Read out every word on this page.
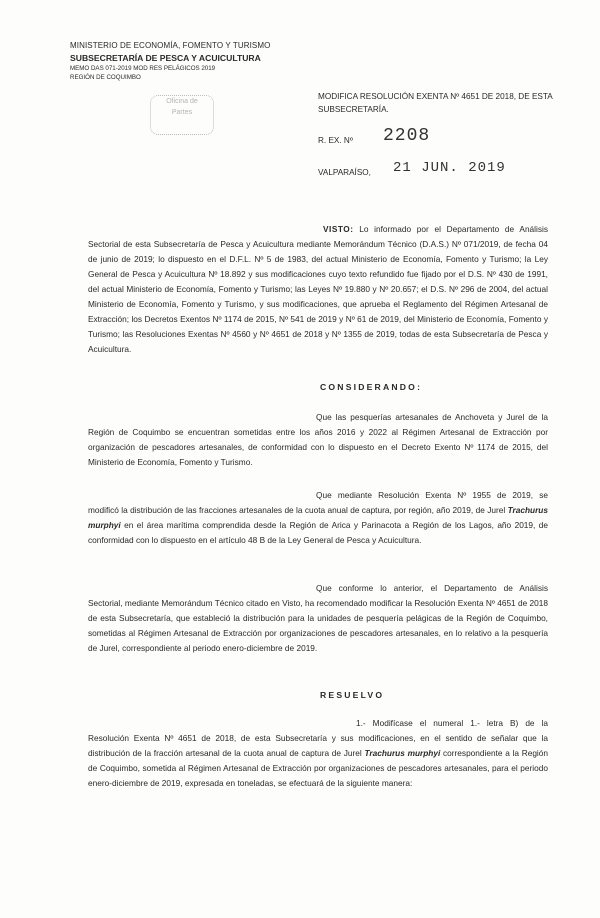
MINISTERIO DE ECONOMÍA, FOMENTO Y TURISMO
SUBSECRETARÍA DE PESCA Y ACUICULTURA
MEMO DAS 071-2019 MOD RES PELÁGICOS 2019
REGIÓN DE COQUIMBO
Oficina de
Partes
MODIFICA RESOLUCIÓN EXENTA Nº 4651 DE 2018, DE ESTA SUBSECRETARÍA.
R. EX. Nº 2208
VALPARAÍSO, 21 JUN. 2019
VISTO: Lo informado por el Departamento de Análisis Sectorial de esta Subsecretaría de Pesca y Acuicultura mediante Memorándum Técnico (D.A.S.) Nº 071/2019, de fecha 04 de junio de 2019; lo dispuesto en el D.F.L. Nº 5 de 1983, del actual Ministerio de Economía, Fomento y Turismo; la Ley General de Pesca y Acuicultura Nº 18.892 y sus modificaciones cuyo texto refundido fue fijado por el D.S. Nº 430 de 1991, del actual Ministerio de Economía, Fomento y Turismo; las Leyes Nº 19.880 y Nº 20.657; el D.S. Nº 296 de 2004, del actual Ministerio de Economía, Fomento y Turismo, y sus modificaciones, que aprueba el Reglamento del Régimen Artesanal de Extracción; los Decretos Exentos Nº 1174 de 2015, Nº 541 de 2019 y Nº 61 de 2019, del Ministerio de Economía, Fomento y Turismo; las Resoluciones Exentas Nº 4560 y Nº 4651 de 2018 y Nº 1355 de 2019, todas de esta Subsecretaría de Pesca y Acuicultura.
CONSIDERANDO:
Que las pesquerías artesanales de Anchoveta y Jurel de la Región de Coquimbo se encuentran sometidas entre los años 2016 y 2022 al Régimen Artesanal de Extracción por organización de pescadores artesanales, de conformidad con lo dispuesto en el Decreto Exento Nº 1174 de 2015, del Ministerio de Economía, Fomento y Turismo.
Que mediante Resolución Exenta Nº 1955 de 2019, se modificó la distribución de las fracciones artesanales de la cuota anual de captura, por región, año 2019, de Jurel Trachurus murphyi en el área marítima comprendida desde la Región de Arica y Parinacota a Región de los Lagos, año 2019, de conformidad con lo dispuesto en el artículo 48 B de la Ley General de Pesca y Acuicultura.
Que conforme lo anterior, el Departamento de Análisis Sectorial, mediante Memorándum Técnico citado en Visto, ha recomendado modificar la Resolución Exenta Nº 4651 de 2018 de esta Subsecretaría, que estableció la distribución para la unidades de pesquería pelágicas de la Región de Coquimbo, sometidas al Régimen Artesanal de Extracción por organizaciones de pescadores artesanales, en lo relativo a la pesquería de Jurel, correspondiente al periodo enero-diciembre de 2019.
RESUELVO
1.- Modifícase el numeral 1.- letra B) de la Resolución Exenta Nº 4651 de 2018, de esta Subsecretaría y sus modificaciones, en el sentido de señalar que la distribución de la fracción artesanal de la cuota anual de captura de Jurel Trachurus murphyi correspondiente a la Región de Coquimbo, sometida al Régimen Artesanal de Extracción por organizaciones de pescadores artesanales, para el periodo enero-diciembre de 2019, expresada en toneladas, se efectuará de la siguiente manera:
